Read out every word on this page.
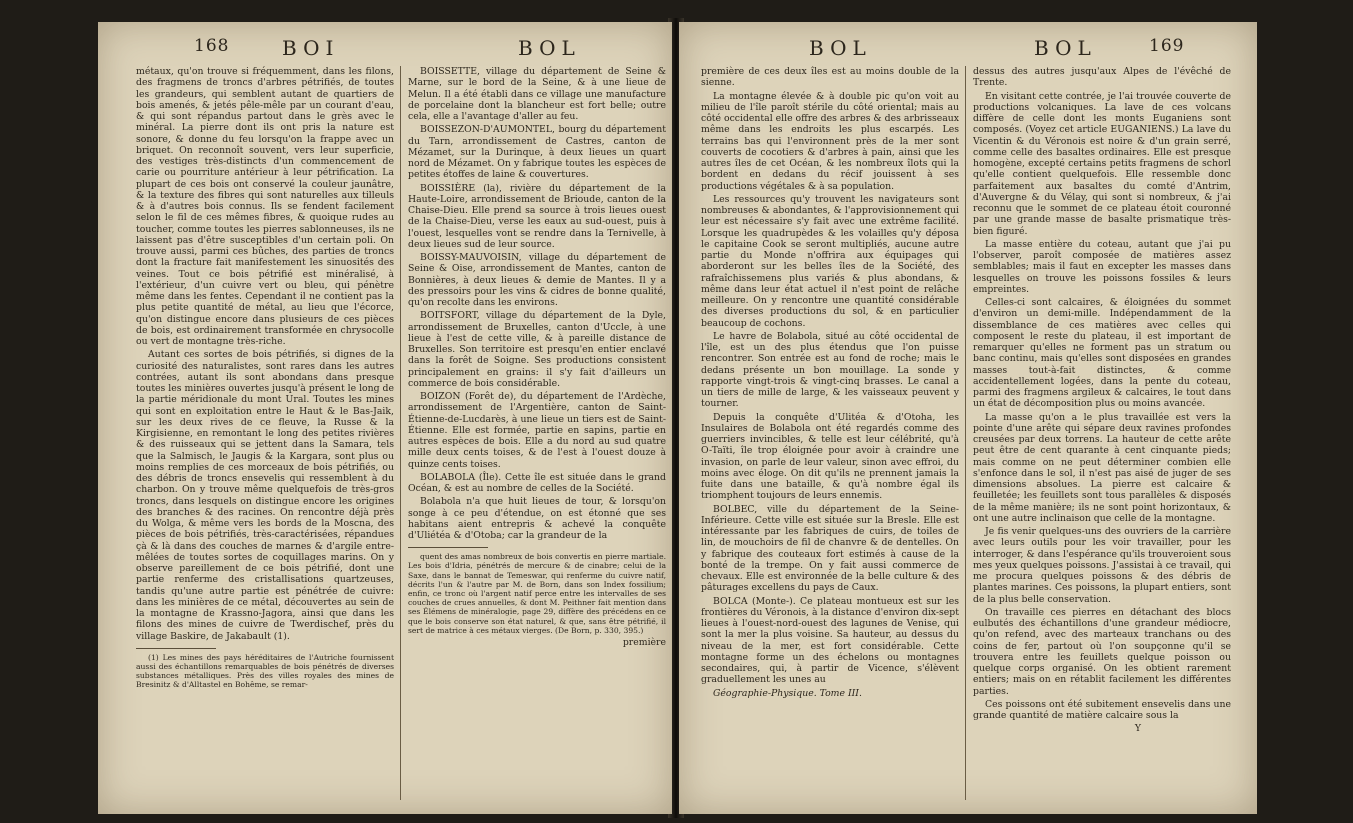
168	BOI	BOL

métaux, qu'on trouve si fréquemment, dans les filons, des fragmens de troncs d'arbres pétrifiés, de toutes les grandeurs, qui semblent autant de quartiers de bois amenés, & jetés pêle-mêle par un courant d'eau, & qui sont répandus partout dans le grès avec le minéral. La pierre dont ils ont pris la nature est sonore, & donne du feu lorsqu'on la frappe avec un briquet. On reconnoît souvent, vers leur superficie, des vestiges très-distincts d'un commencement de carie ou pourriture antérieur à leur pétrification. La plupart de ces bois ont conservé la couleur jaunâtre, & la texture des fibres qui sont naturelles aux tilleuls & à d'autres bois connus. Ils se fendent facilement selon le fil de ces mêmes fibres, & quoique rudes au toucher, comme toutes les pierres sablonneuses, ils ne laissent pas d'être susceptibles d'un certain poli. On trouve aussi, parmi ces bûches, des parties de troncs dont la fracture fait manifestement les sinuosités des veines. Tout ce bois pétrifié est minéralisé, à l'extérieur, d'un cuivre vert ou bleu, qui pénètre même dans les fentes. Cependant il ne contient pas la plus petite quantité de métal, au lieu que l'écorce, qu'on distingue encore dans plusieurs de ces pièces de bois, est ordinairement transformée en chrysocolle ou vert de montagne très-riche.

Autant ces sortes de bois pétrifiés, si dignes de la curiosité des naturalistes, sont rares dans les autres contrées, autant ils sont abondans dans presque toutes les minières ouvertes jusqu'à présent le long de la partie méridionale du mont Ural. Toutes les mines qui sont en exploitation entre le Haut & le Bas-Jaik, sur les deux rives de ce fleuve, la Russe & la Kirgisienne, en remontant le long des petites rivières & des ruisseaux qui se jettent dans la Samara, tels que la Salmisch, le Jaugis & la Kargara, sont plus ou moins remplies de ces morceaux de bois pétrifiés, ou des débris de troncs ensevelis qui ressemblent à du charbon. On y trouve même quelquefois de très-gros troncs, dans lesquels on distingue encore les origines des branches & des racines. On rencontre déjà près du Wolga, & même vers les bords de la Moscna, des pièces de bois pétrifiés, très-caractérisées, répandues çà & là dans des couches de marnes & d'argile entre-mêlées de toutes sortes de coquillages marins. On y observe pareillement de ce bois pétrifié, dont une partie renferme des cristallisations quartzeuses, tandis qu'une autre partie est pénétrée de cuivre: dans les minières de ce métal, découvertes au sein de la montagne de Krassno-Jagora, ainsi que dans les filons des mines de cuivre de Twerdischef, près du village Baskire, de Jakabault (1).

(1) Les mines des pays héréditaires de l'Autriche fournissent aussi des échantillons remarquables de bois pénétrés de diverses substances métalliques. Près des villes royales des mines de Bresinitz & d'Alltastel en Bohême, se remar-

BOISSETTE, village du département de Seine & Marne, sur le bord de la Seine, & à une lieue de Melun. Il a été établi dans ce village une manufacture de porcelaine dont la blancheur est fort belle; outre cela, elle a l'avantage d'aller au feu.

BOISSEZON-D'AUMONTEL, bourg du département du Tarn, arrondissement de Castres, canton de Mézamet, sur la Durinque, à deux lieues un quart nord de Mézamet. On y fabrique toutes les espèces de petites étoffes de laine & couvertures.

BOISSIÈRE (la), rivière du département de la Haute-Loire, arrondissement de Brioude, canton de la Chaise-Dieu. Elle prend sa source à trois lieues ouest de la Chaise-Dieu, verse les eaux au sud-ouest, puis à l'ouest, lesquelles vont se rendre dans la Ternivelle, à deux lieues sud de leur source.

BOISSY-MAUVOISIN, village du département de Seine & Oise, arrondissement de Mantes, canton de Bonnières, à deux lieues & demie de Mantes. Il y a des pressoirs pour les vins & cidres de bonne qualité, qu'on recolte dans les environs.

BOITSFORT, village du département de la Dyle, arrondissement de Bruxelles, canton d'Uccle, à une lieue à l'est de cette ville, & à pareille distance de Bruxelles. Son territoire est presqu'en entier enclavé dans la forêt de Soigne. Ses productions consistent principalement en grains: il s'y fait d'ailleurs un commerce de bois considérable.

BOIZON (Forêt de), du département de l'Ardèche, arrondissement de l'Argentière, canton de Saint-Étienne-de-Lucdarès, à une lieue un tiers est de Saint-Étienne. Elle est formée, partie en sapins, partie en autres espèces de bois. Elle a du nord au sud quatre mille deux cents toises, & de l'est à l'ouest douze à quinze cents toises.

BOLABOLA (Île). Cette île est située dans le grand Océan, & est au nombre de celles de la Société.

Bolabola n'a que huit lieues de tour, & lorsqu'on songe à ce peu d'étendue, on est étonné que ses habitans aient entrepris & achevé la conquête d'Uliétéa & d'Otoba; car la grandeur de la

quent des amas nombreux de bois convertis en pierre martiale. Les bois d'Idria, pénétrés de mercure & de cinabre; celui de la Saxe, dans le bannat de Temeswar, qui renferme du cuivre natif, décrits l'un & l'autre par M. de Born, dans son Index fossilium; enfin, ce tronc où l'argent natif perce entre les intervalles de ses couches de crues annuelles, & dont M. Peithner fait mention dans ses Élémens de minéralogie, page 29, diffère des précédens en ce que le bois conserve son état naturel, & que, sans être pétrifié, il sert de matrice à ces métaux vierges. (De Born, p. 330, 395.)

première

BOL	BOL	169

première de ces deux îles est au moins double de la sienne.

La montagne élevée & à double pic qu'on voit au milieu de l'île paroît stérile du côté oriental; mais au côté occidental elle offre des arbres & des arbrisseaux même dans les endroits les plus escarpés. Les terrains bas qui l'environnent près de la mer sont couverts de cocotiers & d'arbres à pain, ainsi que les autres îles de cet Océan, & les nombreux îlots qui la bordent en dedans du récif jouissent à ses productions végétales & à sa population.

Les ressources qu'y trouvent les navigateurs sont nombreuses & abondantes, & l'approvisionnement qui leur est nécessaire s'y fait avec une extrême facilité. Lorsque les quadrupèdes & les volailles qu'y déposa le capitaine Cook se seront multipliés, aucune autre partie du Monde n'offrira aux équipages qui aborderont sur les belles îles de la Société, des rafraîchissemens plus variés & plus abondans, & même dans leur état actuel il n'est point de relâche meilleure. On y rencontre une quantité considérable des diverses productions du sol, & en particulier beaucoup de cochons.

Le havre de Bolabola, situé au côté occidental de l'île, est un des plus étendus que l'on puisse rencontrer. Son entrée est au fond de roche; mais le dedans présente un bon mouillage. La sonde y rapporte vingt-trois & vingt-cinq brasses. Le canal a un tiers de mille de large, & les vaisseaux peuvent y tourner.

Depuis la conquête d'Ulitéa & d'Otoha, les Insulaires de Bolabola ont été regardés comme des guerriers invincibles, & telle est leur célébrité, qu'à O-Taïti, île trop éloignée pour avoir à craindre une invasion, on parle de leur valeur, sinon avec effroi, du moins avec éloge. On dit qu'ils ne prennent jamais la fuite dans une bataille, & qu'à nombre égal ils triomphent toujours de leurs ennemis.

BOLBEC, ville du département de la Seine-Inférieure. Cette ville est située sur la Bresle. Elle est intéressante par les fabriques de cuirs, de toiles de lin, de mouchoirs de fil de chanvre & de dentelles. On y fabrique des couteaux fort estimés à cause de la bonté de la trempe. On y fait aussi commerce de chevaux. Elle est environnée de la belle culture & des pâturages excellens du pays de Caux.

BOLCA (Monte-). Ce plateau montueux est sur les frontières du Véronois, à la distance d'environ dix-sept lieues à l'ouest-nord-ouest des lagunes de Venise, qui sont la mer la plus voisine. Sa hauteur, au dessus du niveau de la mer, est fort considérable. Cette montagne forme un des échelons ou montagnes secondaires, qui, à partir de Vicence, s'élèvent graduellement les unes au

Géographie-Physique. Tome III.

dessus des autres jusqu'aux Alpes de l'évêché de Trente.

En visitant cette contrée, je l'ai trouvée couverte de productions volcaniques. La lave de ces volcans diffère de celle dont les monts Euganiens sont composés. (Voyez cet article EUGANIENS.) La lave du Vicentin & du Véronois est noire & d'un grain serré, comme celle des basaltes ordinaires. Elle est presque homogène, excepté certains petits fragmens de schorl qu'elle contient quelquefois. Elle ressemble donc parfaitement aux basaltes du comté d'Antrim, d'Auvergne & du Vélay, qui sont si nombreux, & j'ai reconnu que le sommet de ce plateau étoit couronné par une grande masse de basalte prismatique très-bien figuré.

La masse entière du coteau, autant que j'ai pu l'observer, paroît composée de matières assez semblables; mais il faut en excepter les masses dans lesquelles on trouve les poissons fossiles & leurs empreintes.

Celles-ci sont calcaires, & éloignées du sommet d'environ un demi-mille. Indépendamment de la dissemblance de ces matières avec celles qui composent le reste du plateau, il est important de remarquer qu'elles ne forment pas un stratum ou banc continu, mais qu'elles sont disposées en grandes masses tout-à-fait distinctes, & comme accidentellement logées, dans la pente du coteau, parmi des fragmens argileux & calcaires, le tout dans un état de décomposition plus ou moins avancée.

La masse qu'on a le plus travaillée est vers la pointe d'une arête qui sépare deux ravines profondes creusées par deux torrens. La hauteur de cette arête peut être de cent quarante à cent cinquante pieds; mais comme on ne peut déterminer combien elle s'enfonce dans le sol, il n'est pas aisé de juger de ses dimensions absolues. La pierre est calcaire & feuilletée; les feuillets sont tous parallèles & disposés de la même manière; ils ne sont point horizontaux, & ont une autre inclinaison que celle de la montagne.

Je fis venir quelques-uns des ouvriers de la carrière avec leurs outils pour les voir travailler, pour les interroger, & dans l'espérance qu'ils trouveroient sous mes yeux quelques poissons. J'assistai à ce travail, qui me procura quelques poissons & des débris de plantes marines. Ces poissons, la plupart entiers, sont de la plus belle conservation.

On travaille ces pierres en détachant des blocs eulbutés des échantillons d'une grandeur médiocre, qu'on refend, avec des marteaux tranchans ou des coins de fer, partout où l'on soupçonne qu'il se trouvera entre les feuillets quelque poisson ou quelque corps organisé. On les obtient rarement entiers; mais on en rétablit facilement les différentes parties.

Ces poissons ont été subitement ensevelis dans une grande quantité de matière calcaire sous la

Y
